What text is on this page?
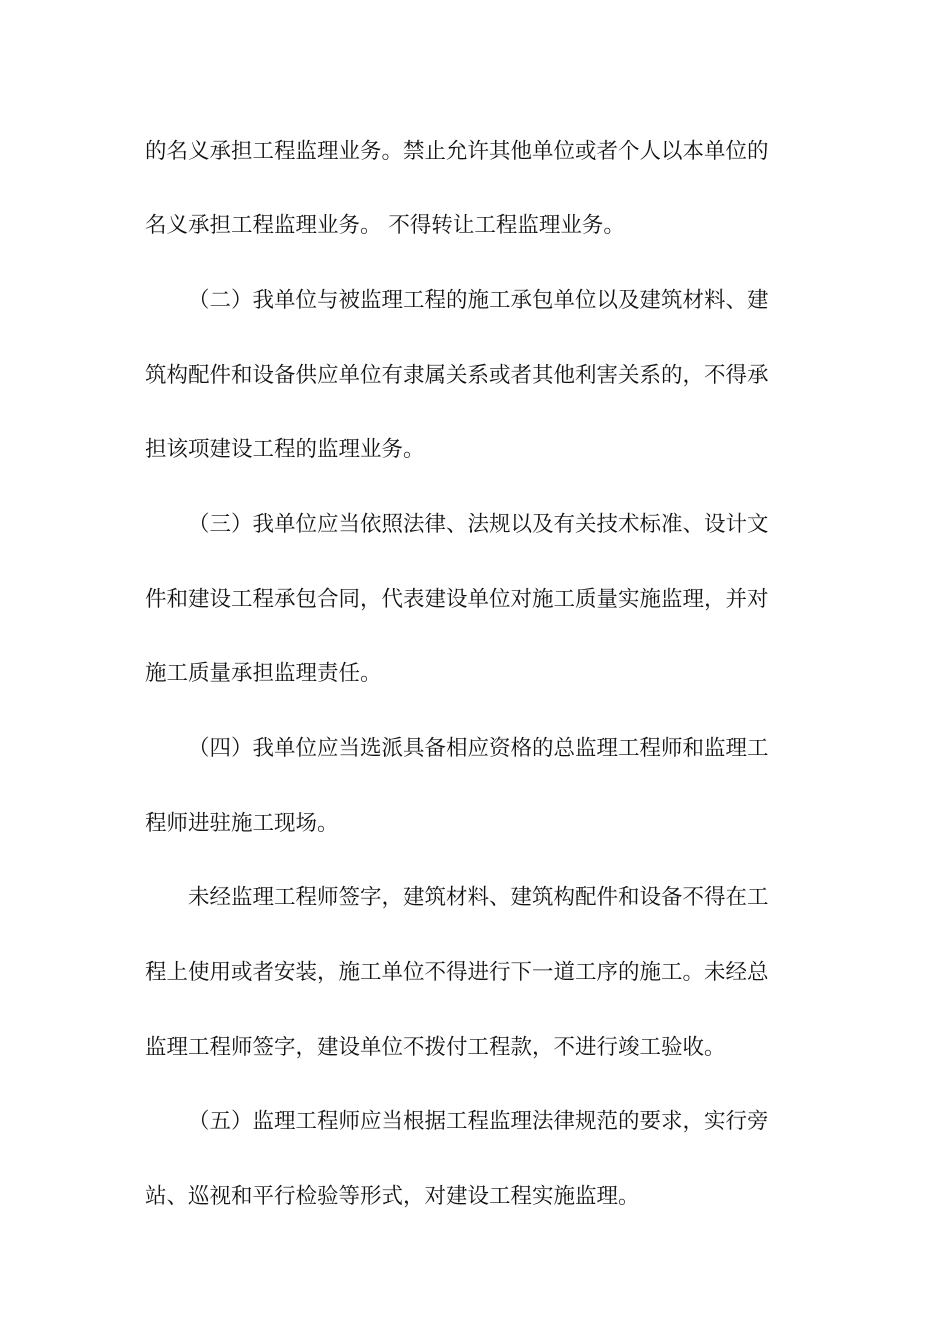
的名义承担工程监理业务。禁止允许其他单位或者个人以本单位的
名义承担工程监理业务。 不得转让工程监理业务。
（二）我单位与被监理工程的施工承包单位以及建筑材料、建
筑构配件和设备供应单位有隶属关系或者其他利害关系的，不得承
担该项建设工程的监理业务。
（三）我单位应当依照法律、法规以及有关技术标准、设计文
件和建设工程承包合同，代表建设单位对施工质量实施监理，并对
施工质量承担监理责任。
（四）我单位应当选派具备相应资格的总监理工程师和监理工
程师进驻施工现场。
未经监理工程师签字，建筑材料、建筑构配件和设备不得在工
程上使用或者安装，施工单位不得进行下一道工序的施工。未经总
监理工程师签字，建设单位不拨付工程款，不进行竣工验收。
（五）监理工程师应当根据工程监理法律规范的要求，实行旁
站、巡视和平行检验等形式，对建设工程实施监理。
